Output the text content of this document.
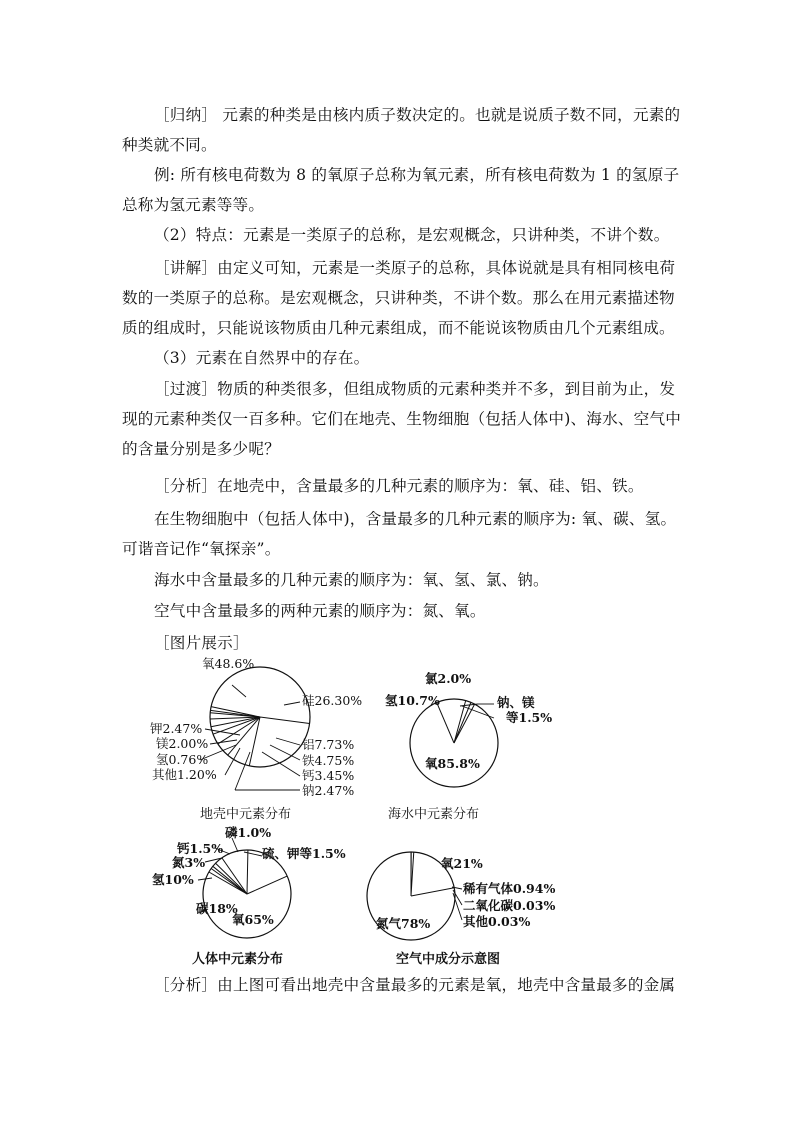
［归纳］ 元素的种类是由核内质子数决定的。也就是说质子数不同，元素的种类就不同。

例: 所有核电荷数为 8 的氧原子总称为氧元素，所有核电荷数为 1 的氢原子总称为氢元素等等。

（2）特点：元素是一类原子的总称，是宏观概念，只讲种类，不讲个数。

［讲解］由定义可知，元素是一类原子的总称，具体说就是具有相同核电荷数的一类原子的总称。是宏观概念，只讲种类，不讲个数。那么在用元素描述物质的组成时，只能说该物质由几种元素组成，而不能说该物质由几个元素组成。

（3）元素在自然界中的存在。

［过渡］物质的种类很多，但组成物质的元素种类并不多，到目前为止，发现的元素种类仅一百多种。它们在地壳、生物细胞（包括人体中)、海水、空气中的含量分别是多少呢？

［分析］在地壳中，含量最多的几种元素的顺序为：氧、硅、铝、铁。

在生物细胞中（包括人体中)，含量最多的几种元素的顺序为: 氧、碳、氢。可谐音记作“氧探亲”。

海水中含量最多的几种元素的顺序为：氧、氢、氯、钠。

空气中含量最多的两种元素的顺序为：氮、氧。

［图片展示］

［分析］由上图可看出地壳中含量最多的元素是氧，地壳中含量最多的金属

氧48.6%
硅26.30%
铝7.73%
铁4.75%
钙3.45%
钠2.47%
钾2.47%
镁2.00%
氢0.76%
其他1.20%
地壳中元素分布
氯2.0%
氢10.7%	钠、镁
等1.5%
氧85.8%
海水中元素分布
磷1.0%
钙1.5%	硫、钾等1.5%
氮3%
氢10%
碳18%
氧65%
人体中元素分布
氧21%
稀有气体0.94%
二氧化碳0.03%
其他0.03%
氮气78%
空气中成分示意图
